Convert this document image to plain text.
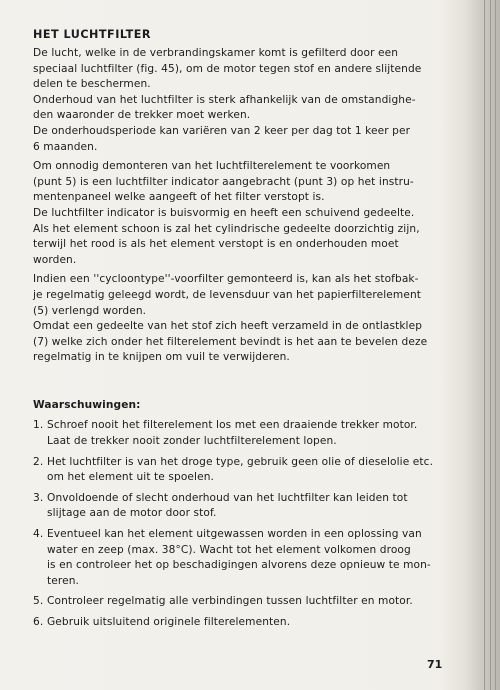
HET LUCHTFILTER

De lucht, welke in de verbrandingskamer komt is gefilterd door een
speciaal luchtfilter (fig. 45), om de motor tegen stof en andere slijtende
delen te beschermen.
Onderhoud van het luchtfilter is sterk afhankelijk van de omstandighe-
den waaronder de trekker moet werken.
De onderhoudsperiode kan variëren van 2 keer per dag tot 1 keer per
6 maanden.

Om onnodig demonteren van het luchtfilterelement te voorkomen
(punt 5) is een luchtfilter indicator aangebracht (punt 3) op het instru-
mentenpaneel welke aangeeft of het filter verstopt is.
De luchtfilter indicator is buisvormig en heeft een schuivend gedeelte.
Als het element schoon is zal het cylindrische gedeelte doorzichtig zijn,
terwijl het rood is als het element verstopt is en onderhouden moet
worden.

Indien een ''cycloontype''-voorfilter gemonteerd is, kan als het stofbak-
je regelmatig geleegd wordt, de levensduur van het papierfilterelement
(5) verlengd worden.
Omdat een gedeelte van het stof zich heeft verzameld in de ontlastklep
(7) welke zich onder het filterelement bevindt is het aan te bevelen deze
regelmatig in te knijpen om vuil te verwijderen.

Waarschuwingen:
1. Schroef nooit het filterelement los met een draaiende trekker motor.
Laat de trekker nooit zonder luchtfilterelement lopen.
2. Het luchtfilter is van het droge type, gebruik geen olie of dieselolie etc.
om het element uit te spoelen.
3. Onvoldoende of slecht onderhoud van het luchtfilter kan leiden tot
slijtage aan de motor door stof.
4. Eventueel kan het element uitgewassen worden in een oplossing van
water en zeep (max. 38°C). Wacht tot het element volkomen droog
is en controleer het op beschadigingen alvorens deze opnieuw te mon-
teren.
5. Controleer regelmatig alle verbindingen tussen luchtfilter en motor.
6. Gebruik uitsluitend originele filterelementen.
71
